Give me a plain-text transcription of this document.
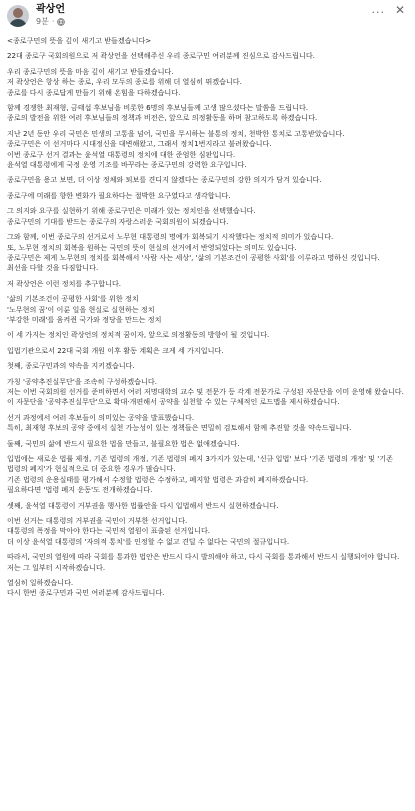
곽상언
9분 ·
··· ✕

<종로구민의 뜻을 깊이 새기고 받들겠습니다>

22대 종로구 국회의원으로 저 곽상언을 선택해주신 우리 종로구민 여러분께 진심으로 감사드립니다.

우리 종로구민의 뜻을 마음 깊이 새기고 받들겠습니다.
저 곽상언은 항상 하는 종로, 우리 모두의 종로를 위해 더 열심히 뛰겠습니다.
종로를 다시 종로답게 만들기 위해 온힘을 다하겠습니다.

함께 경쟁한 최재형, 금태섭 후보님을 비롯한 6명의 후보님들께 고생 많으셨다는 말씀을 드립니다.
종로의 발전을 위한 여러 후보님들의 정책과 비전은, 앞으로 의정활동을 하며 참고하도록 하겠습니다.

지난 2년 동안 우리 국민은 민생의 고통을 넘어, 국민을 무시하는 불통의 정치, 천박한 통치로 고통받았습니다.
종로구민은 이 선거마다 시대정신을 대변해왔고, 그래서 정치1번지라고 불려왔습니다.
이번 종로구 선거 결과는 윤석열 대통령의 정치에 대한 준엄한 심판입니다.
윤석열 대통령에게 국정 운영 기조를 바꾸라는 종로구민의 강력한 요구입니다.

종로구민을 용고 보면, 더 이상 정체와 퇴보를 견디지 않겠다는 종로구민의 강한 의지가 담겨 있습니다.

종로구에 미래를 향한 변화가 필요하다는 절박한 요구였다고 생각합니다.

그 의지와 요구를 실현하기 위해 종로구민은 미래가 있는 정치인을 선택했습니다.
종로구민의 기대를 받드는 종로구의 자랑스러운 국회의원이 되겠습니다.

그와 함께, 이번 종로구의 선거로서 노무현 대통령의 명예가 회복되기 시작했다는 정치적 의미가 있습니다.
또, 노무현 정치의 회복을 원하는 국민의 뜻이 현실의 선거에서 반영되었다는 의미도 있습니다.
종로구민은 제게 노무현의 정치를 회복해서 '사람 사는 세상', '삶의 기본조건이 공평한 사회'를 이루라고 명하신 것입니다.
최선을 다할 것을 다짐합니다.

저 곽상언은 이런 정치를 추구합니다.

'삶의 기본조건이 공평한 사회'를 위한 정치
'노무현의 꿈'이 이룬 일을 현실로 실현하는 정치
'부강한 미래'를 움켜쥔 국가와 정당을 만드는 정치

이 세 가지는 정치인 곽상언의 정치적 꿈이자, 앞으로 의정활동의 방향이 될 것입니다.

입법기관으로서 22대 국회 개원 이후 활동 계획은 크게 세 가지입니다.

첫째, 종로구민과의 약속을 지키겠습니다.

가칭 '공약추진실무단'을 조속히 구성하겠습니다.
저는 이번 국회의원 선거를 준비하면서 여러 저명대학의 교수 및 전문가 등 각계 전문가로 구성된 자문단을 이미 운영해 왔습니다.
이 자문단을 '공약추진실무단'으로 확대·개편해서 공약을 실천할 수 있는 구체적인 로드맵을 제시하겠습니다.

선거 과정에서 여러 후보들이 의미있는 공약을 발표했습니다.
특히, 최재형 후보의 공약 중에서 실천 가능성이 있는 정책들은 면밀히 검토해서 함께 추진할 것을 약속드립니다.

둘째, 국민의 삶에 반드시 필요한 법을 만들고, 불필요한 법은 없애겠습니다.

입법에는 새로운 법률 제정, 기존 법령의 개정, 기존 법령의 폐지 3가지가 있는데, '신규 입법' 보다 '기존 법령의 개정' 및 '기존 법령의 폐지'가 현실적으로 더 중요한 경우가 많습니다.
기존 법령의 운용실태를 평가해서 수정할 법령은 수정하고, 폐지할 법령은 과감히 폐지하겠습니다.
필요하다면 '법령 폐지 운동'도 전개하겠습니다.

셋째, 윤석열 대통령이 거부권을 행사한 법률안을 다시 입법해서 반드시 실현하겠습니다.

이번 선거는 대통령의 거부권을 국민이 거부한 선거입니다.
대통령의 폭정을 막아야 한다는 국민적 열원이 표출된 선거입니다.
더 이상 윤석열 대통령의 '자의적 통치'를 인정할 수 없고 견딜 수 없다는 국민의 절규입니다.

따라서, 국민의 열원에 따라 국회를 통과한 법안은 반드시 다시 발의해야 하고, 다시 국회를 통과해서 반드시 실행되어야 합니다.
저는 그 일부터 시작하겠습니다.

열심히 일하겠습니다.
다시 한번 종로구민과 국민 여러분께 감사드립니다.
